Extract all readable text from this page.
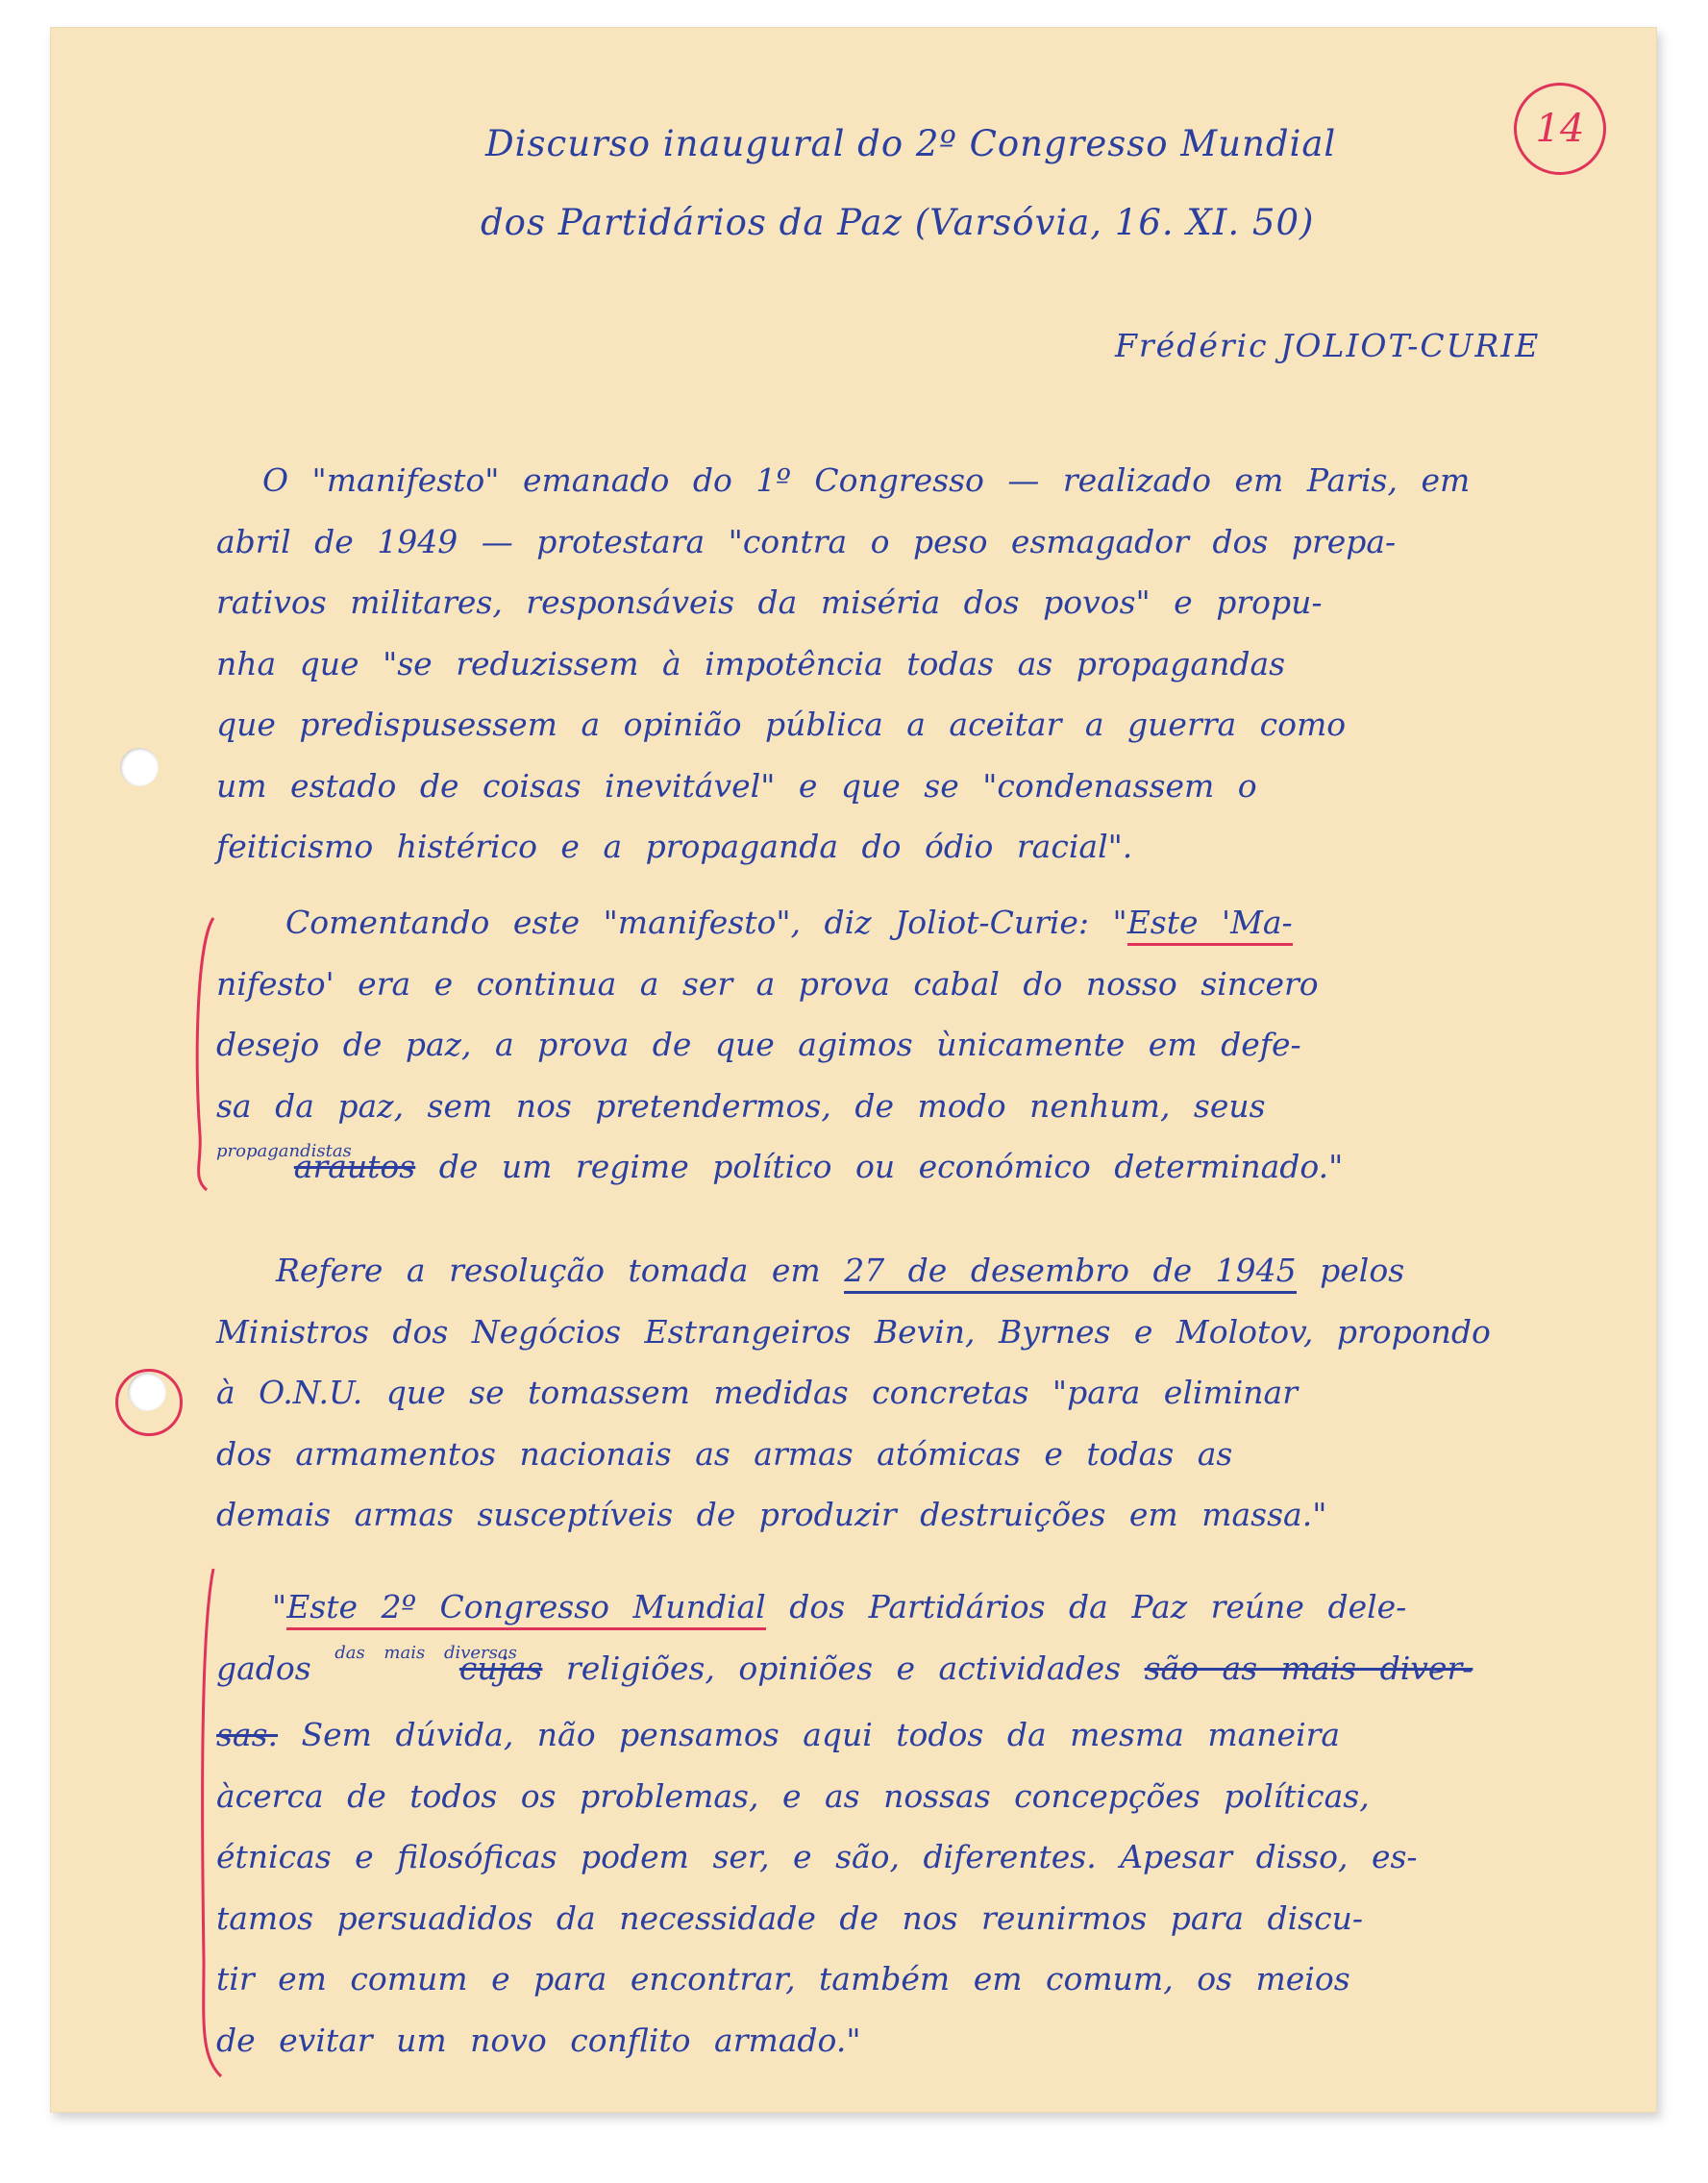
14
Discurso inaugural do 2º Congresso Mundial
dos Partidários da Paz (Varsóvia, 16. XI. 50)
Frédéric JOLIOT-CURIE
O "manifesto" emanado do 1º Congresso — realizado em Paris, em
abril de 1949 — protestara "contra o peso esmagador dos prepa-
rativos militares, responsáveis da miséria dos povos" e propu-
nha que "se reduzissem à impotência todas as propagandas
que predispusessem a opinião pública a aceitar a guerra como
um estado de coisas inevitável" e que se "condenassem o
feiticismo histérico e a propaganda do ódio racial".
Comentando este "manifesto", diz Joliot-Curie: "Este 'Ma-
nifesto' era e continua a ser a prova cabal do nosso sincero
desejo de paz, a prova de que agimos ùnicamente em defe-
sa da paz, sem nos pretendermos, de modo nenhum, seus
$^{propagandistas}$arautos de um regime político ou económico determinado."
Refere a resolução tomada em 27 de desembro de 1945 pelos
Ministros dos Negócios Estrangeiros Bevin, Byrnes e Molotov, propondo
à O.N.U. que se tomassem medidas concretas "para eliminar
dos armamentos nacionais as armas atómicas e todas as
demais armas susceptíveis de produzir destruições em massa."
"Este 2º Congresso Mundial dos Partidários da Paz reúne dele-
gados $^{das mais diversas}$cujas religiões, opiniões e actividades são as mais diver-
sas. Sem dúvida, não pensamos aqui todos da mesma maneira
àcerca de todos os problemas, e as nossas concepções políticas,
étnicas e filosóficas podem ser, e são, diferentes. Apesar disso, es-
tamos persuadidos da necessidade de nos reunirmos para discu-
tir em comum e para encontrar, também em comum, os meios
de evitar um novo conflito armado."
